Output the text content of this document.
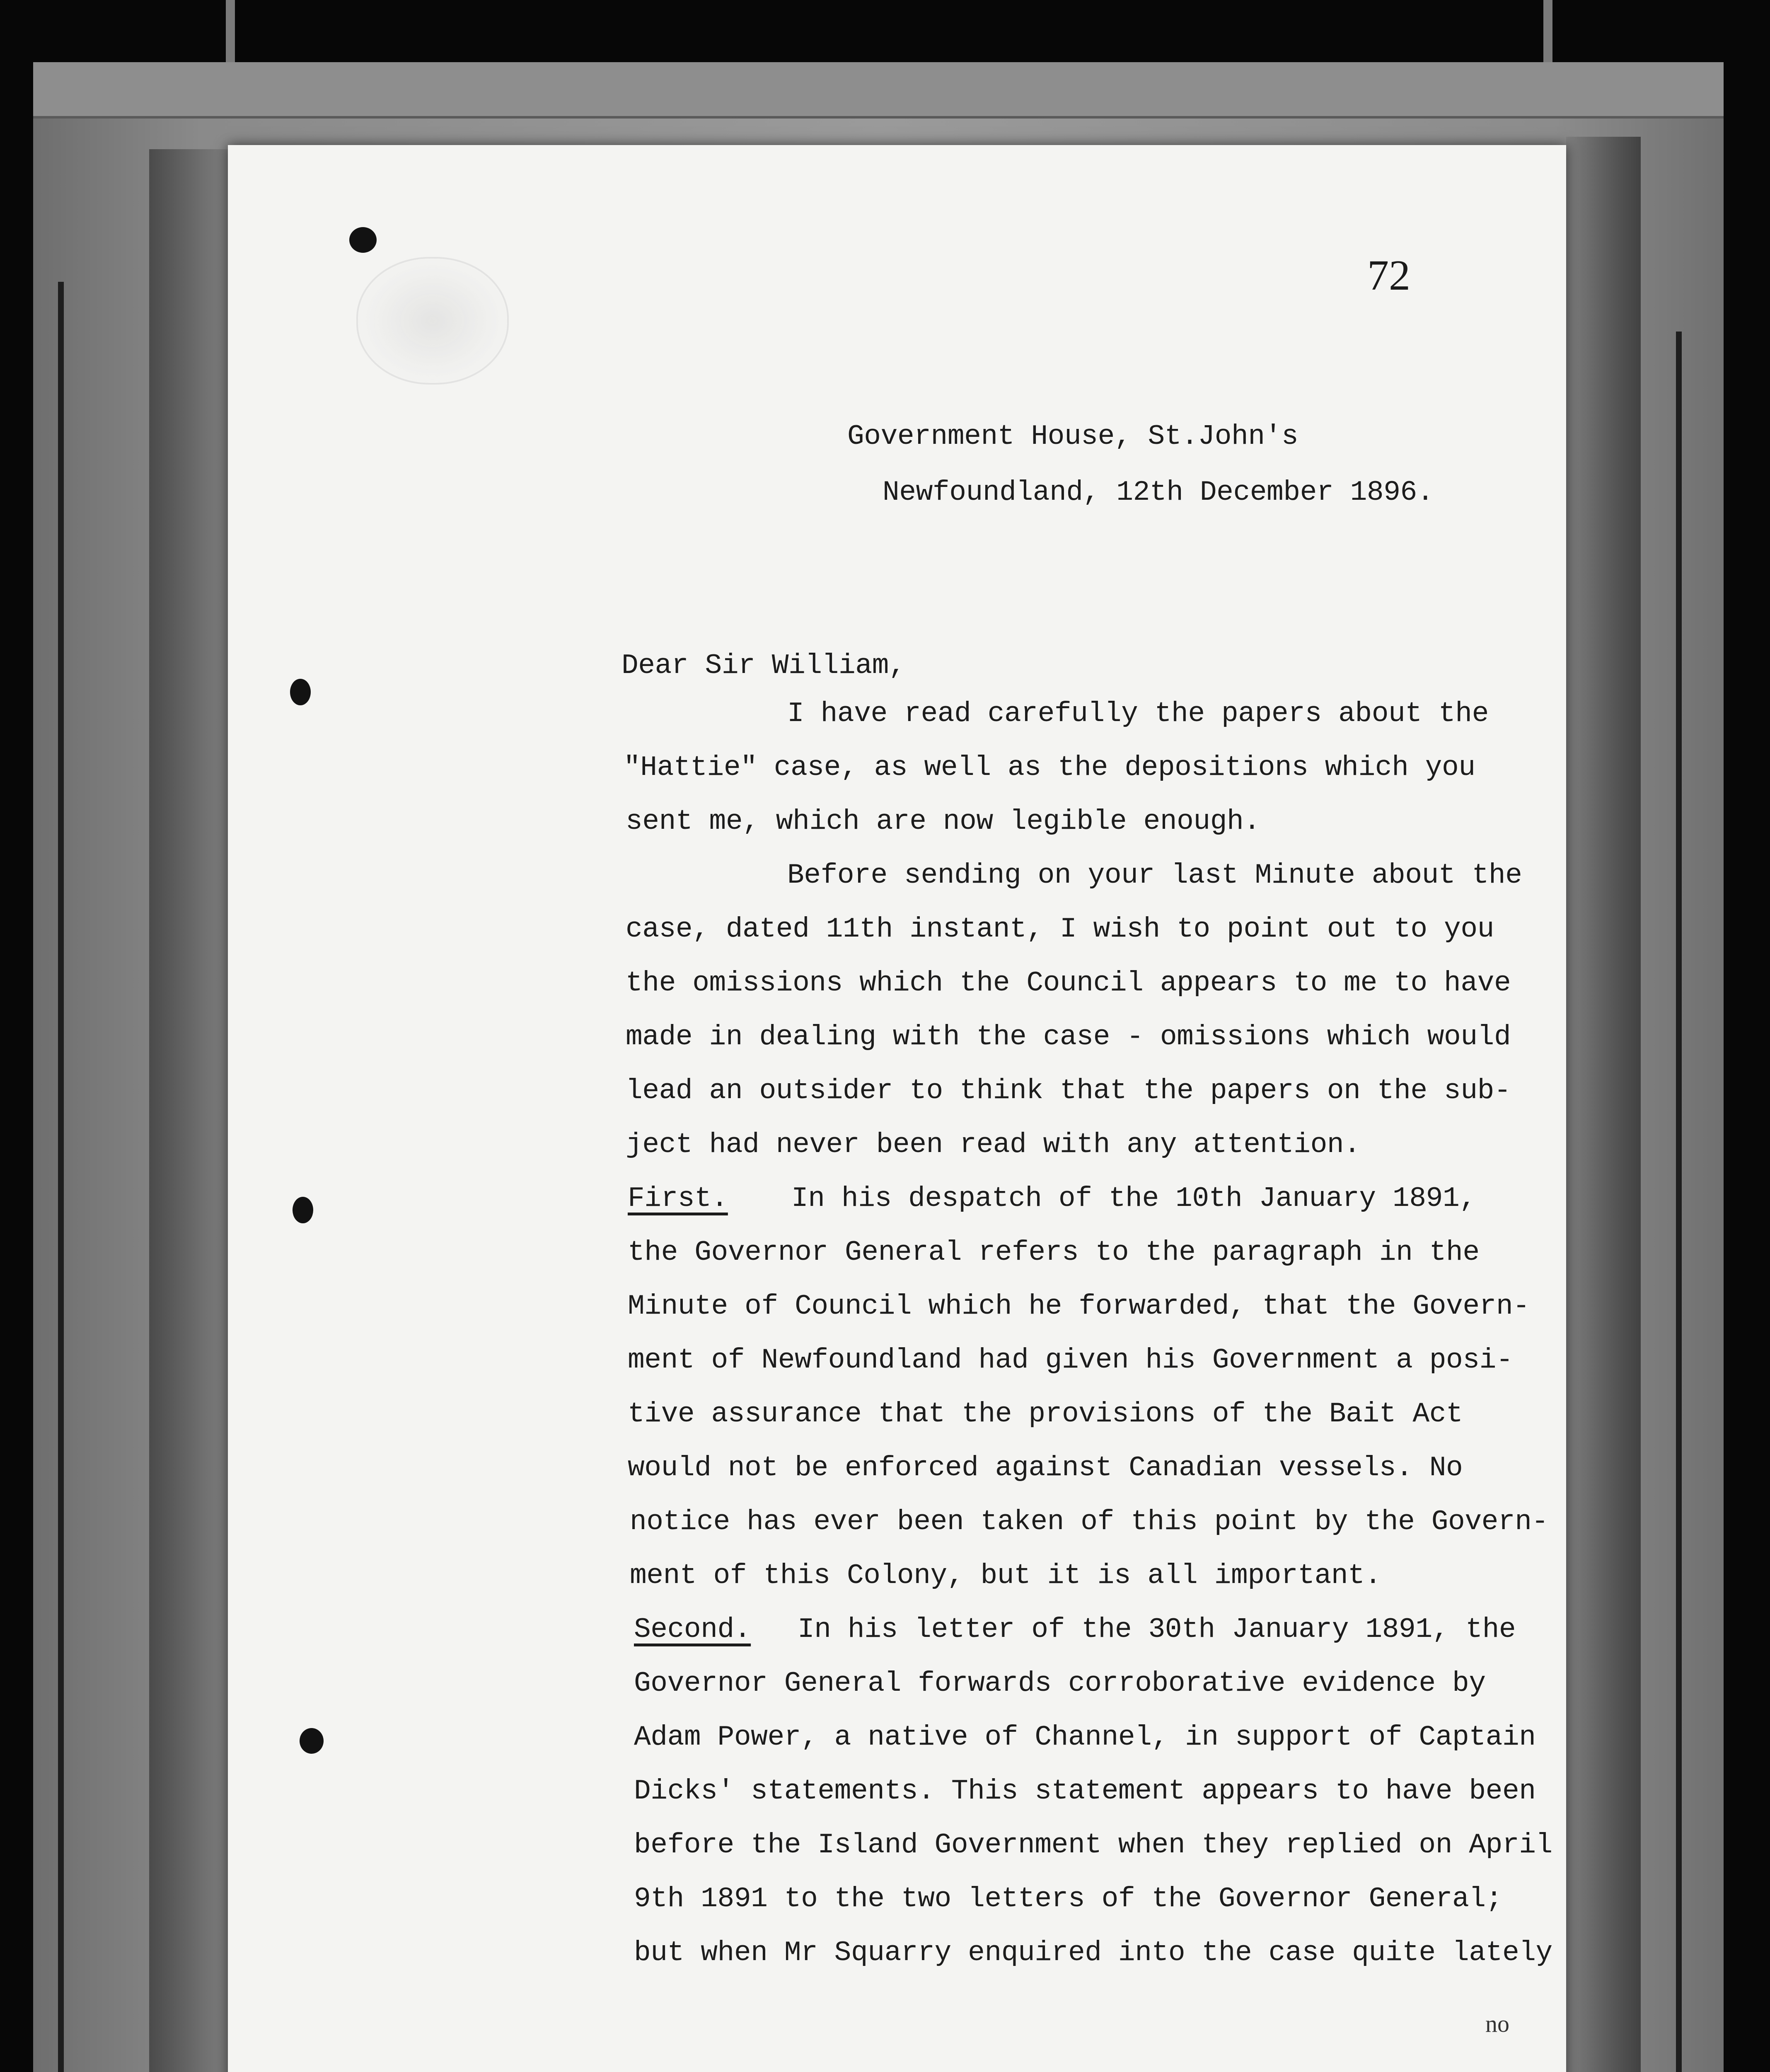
72

Government House, St.John's

Newfoundland, 12th December 1896.

Dear Sir William,

I have read carefully the papers about the

"Hattie" case, as well as the depositions which you

sent me, which are now legible enough.

Before sending on your last Minute about the

case, dated 11th instant, I wish to point out to you

the omissions which the Council appears to me to have

made in dealing with the case - omissions which would

lead an outsider to think that the papers on the sub-

ject had never been read with any attention.

First. In his despatch of the 10th January 1891,

the Governor General refers to the paragraph in the

Minute of Council which he forwarded, that the Govern-

ment of Newfoundland had given his Government a posi-

tive assurance that the provisions of the Bait Act

would not be enforced against Canadian vessels. No

notice has ever been taken of this point by the Govern-

ment of this Colony, but it is all important.

Second. In his letter of the 30th January 1891, the

Governor General forwards corroborative evidence by

Adam Power, a native of Channel, in support of Captain

Dicks' statements. This statement appears to have been

before the Island Government when they replied on April

9th 1891 to the two letters of the Governor General;

but when Mr Squarry enquired into the case quite lately

no
